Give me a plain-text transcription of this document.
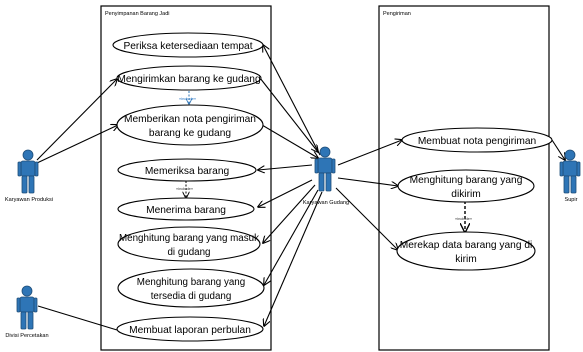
Penyimpanan Barang Jadi	Pengiriman
«include»
«include»
«include»
Periksa ketersediaan tempat
Mengirimkan barang ke gudang
Memberikan nota pengiriman
barang ke gudang
Memeriksa barang
Menerima barang
Menghitung barang yang masuk
di gudang
Menghitung barang yang
tersedia di gudang
Membuat laporan perbulan
Membuat nota pengiriman
Menghitung barang yang
dikirim
Merekap data barang yang di
kirim
Karyawan Produksi
Divisi Percetakan
Karyawan Gudang	Supir
